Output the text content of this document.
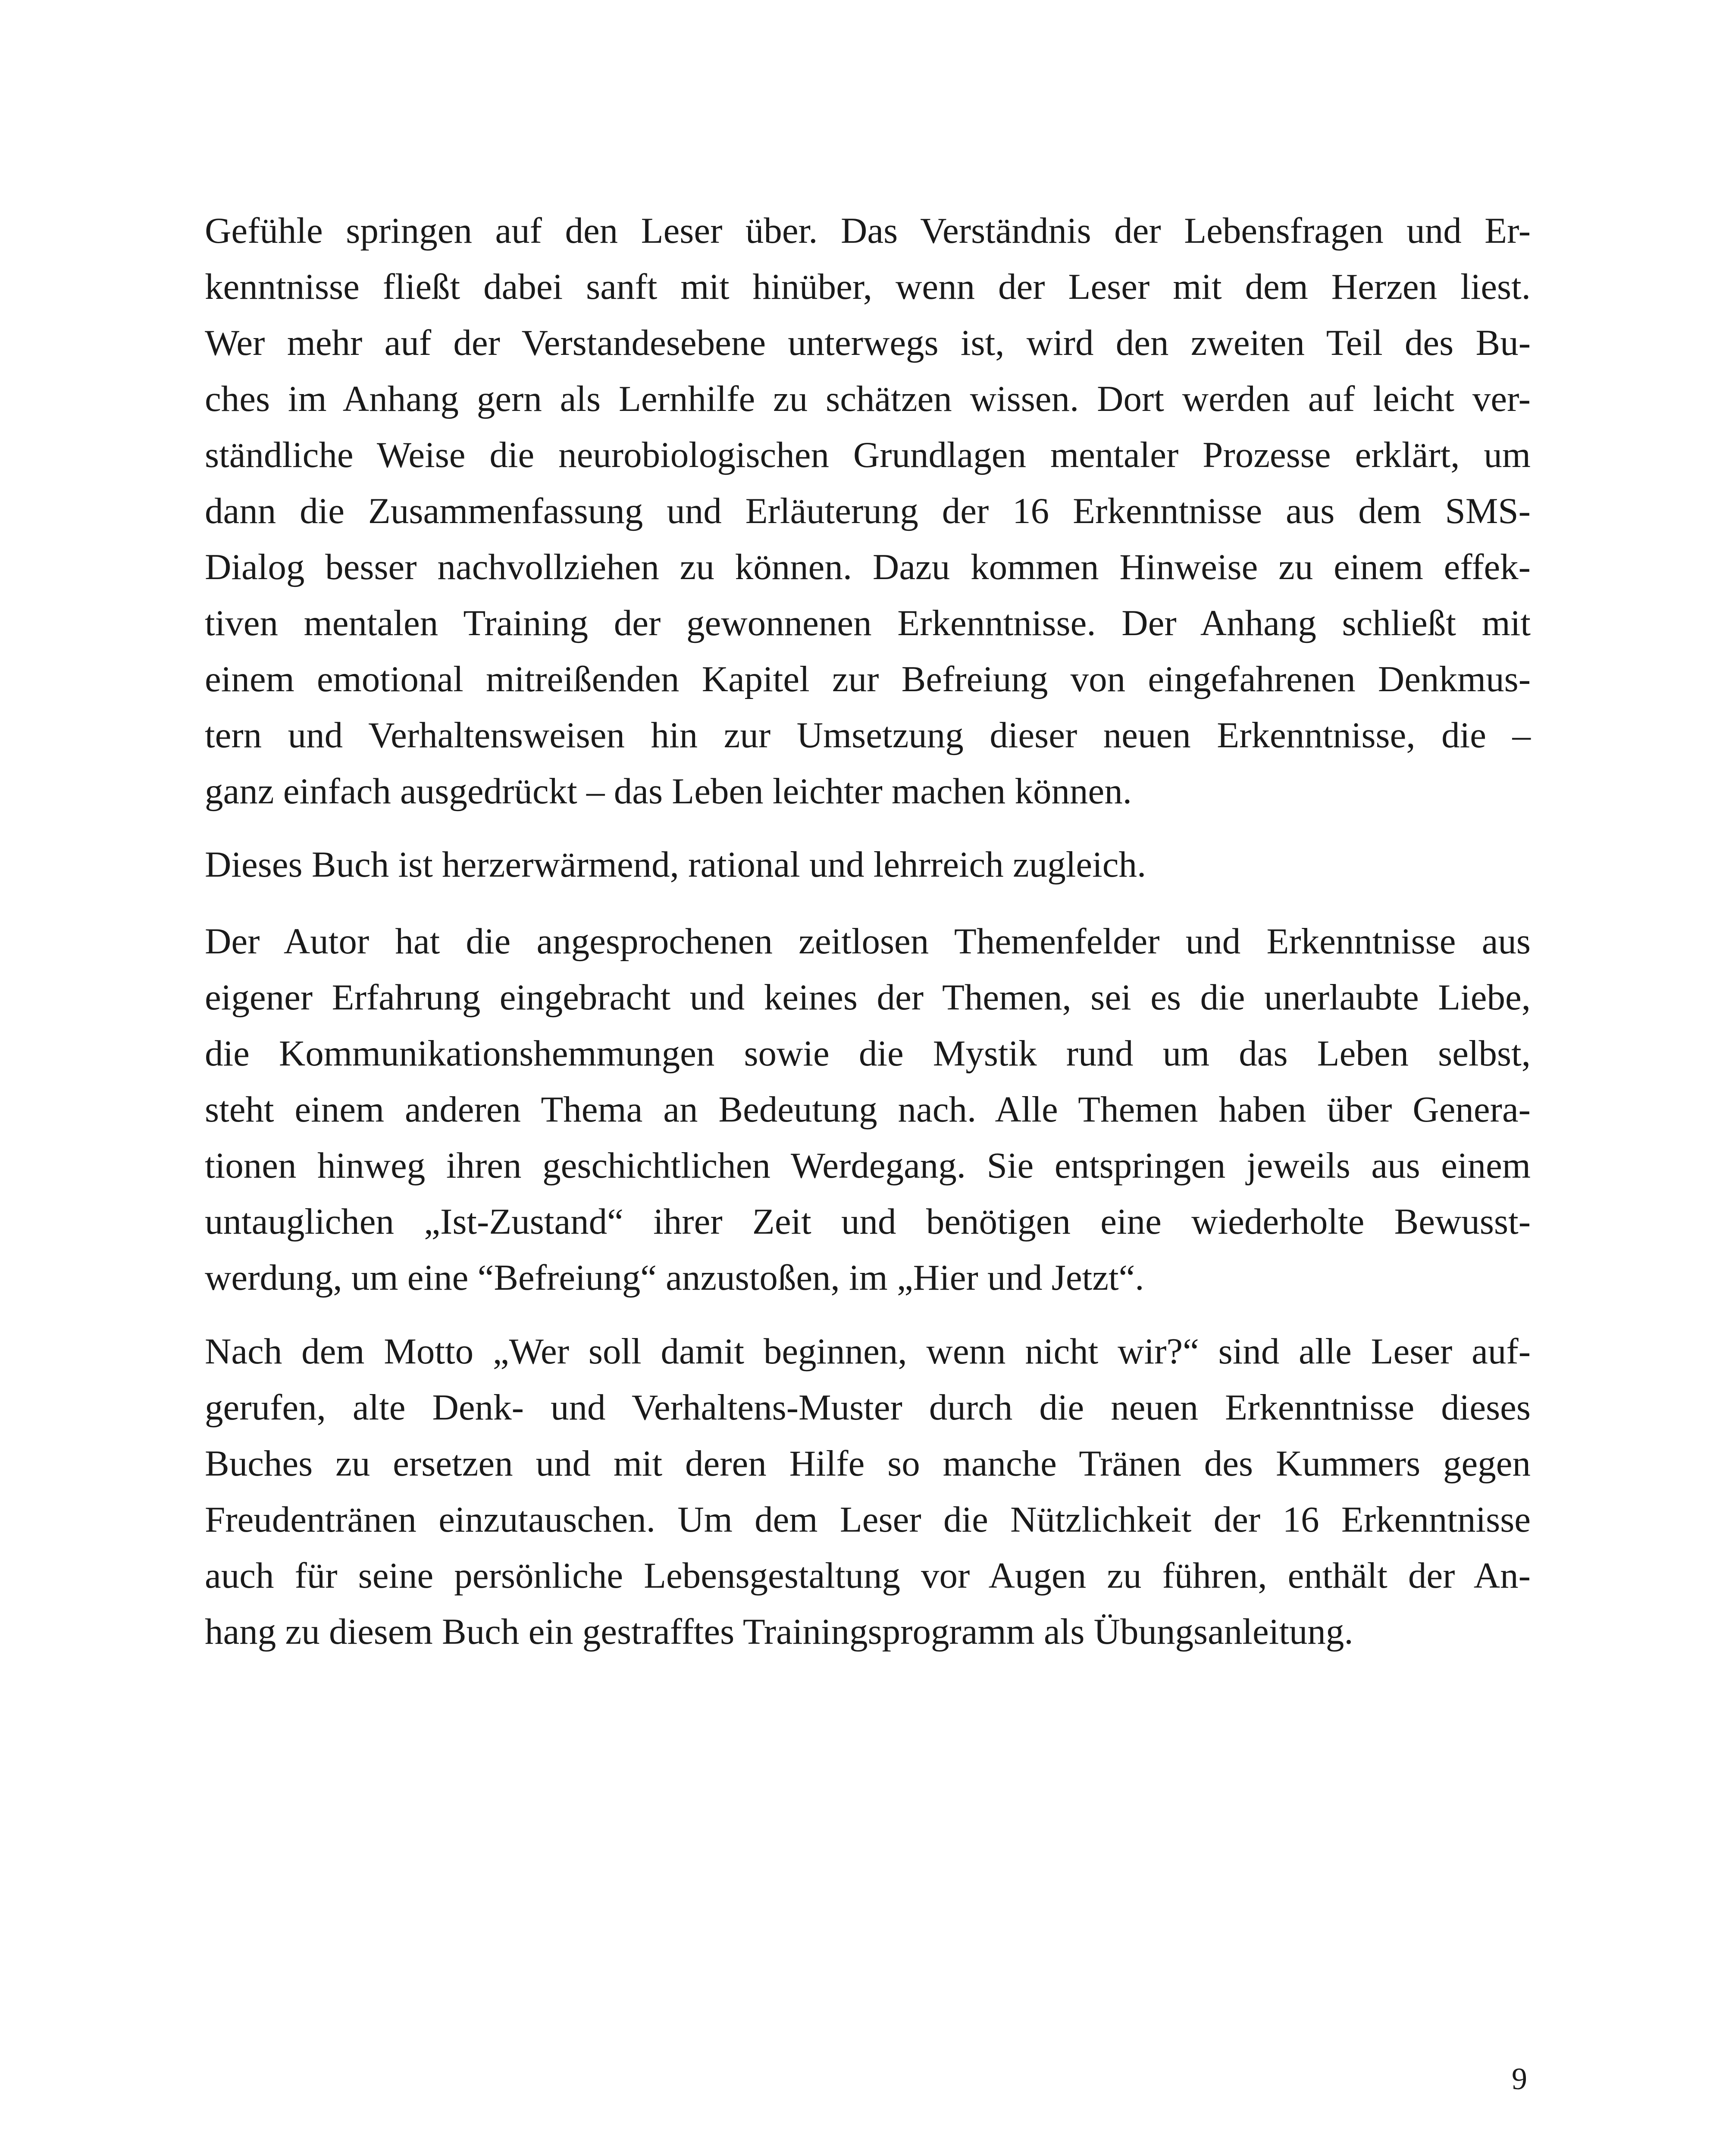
Gefühle springen auf den Leser über. Das Verständnis der Lebensfragen und Er-
kenntnisse fließt dabei sanft mit hinüber, wenn der Leser mit dem Herzen liest.
Wer mehr auf der Verstandesebene unterwegs ist, wird den zweiten Teil des Bu-
ches im Anhang gern als Lernhilfe zu schätzen wissen. Dort werden auf leicht ver-
ständliche Weise die neurobiologischen Grundlagen mentaler Prozesse erklärt, um
dann die Zusammenfassung und Erläuterung der 16 Erkenntnisse aus dem SMS-
Dialog besser nachvollziehen zu können. Dazu kommen Hinweise zu einem effek-
tiven mentalen Training der gewonnenen Erkenntnisse. Der Anhang schließt mit
einem emotional mitreißenden Kapitel zur Befreiung von eingefahrenen Denkmus-
tern und Verhaltensweisen hin zur Umsetzung dieser neuen Erkenntnisse, die –
ganz einfach ausgedrückt – das Leben leichter machen können.
Dieses Buch ist herzerwärmend, rational und lehrreich zugleich.
Der Autor hat die angesprochenen zeitlosen Themenfelder und Erkenntnisse aus
eigener Erfahrung eingebracht und keines der Themen, sei es die unerlaubte Liebe,
die Kommunikationshemmungen sowie die Mystik rund um das Leben selbst,
steht einem anderen Thema an Bedeutung nach. Alle Themen haben über Genera-
tionen hinweg ihren geschichtlichen Werdegang. Sie entspringen jeweils aus einem
untauglichen „Ist-Zustand“ ihrer Zeit und benötigen eine wiederholte Bewusst-
werdung, um eine “Befreiung“ anzustoßen, im „Hier und Jetzt“.
Nach dem Motto „Wer soll damit beginnen, wenn nicht wir?“ sind alle Leser auf-
gerufen, alte Denk- und Verhaltens-Muster durch die neuen Erkenntnisse dieses
Buches zu ersetzen und mit deren Hilfe so manche Tränen des Kummers gegen
Freudentränen einzutauschen. Um dem Leser die Nützlichkeit der 16 Erkenntnisse
auch für seine persönliche Lebensgestaltung vor Augen zu führen, enthält der An-
hang zu diesem Buch ein gestrafftes Trainingsprogramm als Übungsanleitung.
9
